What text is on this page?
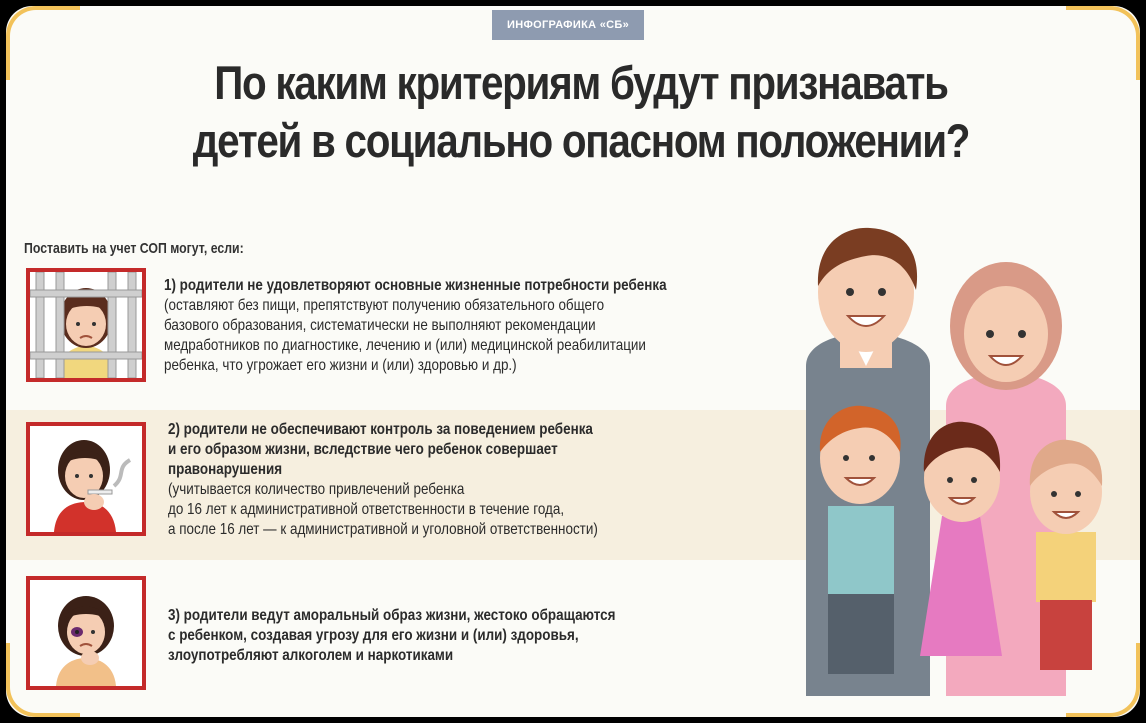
ИНФОГРАФИКА «СБ»
По каким критериям будут признавать
детей в социально опасном положении?
Поставить на учет СОП могут, если:
1) родители не удовлетворяют основные жизненные потребности ребенка
(оставляют без пищи, препятствуют получению обязательного общего
базового образования, систематически не выполняют рекомендации
медработников по диагностике, лечению и (или) медицинской реабилитации
ребенка, что угрожает его жизни и (или) здоровью и др.)
2) родители не обеспечивают контроль за поведением ребенка
и его образом жизни, вследствие чего ребенок совершает
правонарушения
(учитывается количество привлечений ребенка
до 16 лет к административной ответственности в течение года,
а после 16 лет — к административной и уголовной ответственности)
3) родители ведут аморальный образ жизни, жестоко обращаются
с ребенком, создавая угрозу для его жизни и (или) здоровья,
злоупотребляют алкоголем и наркотиками
